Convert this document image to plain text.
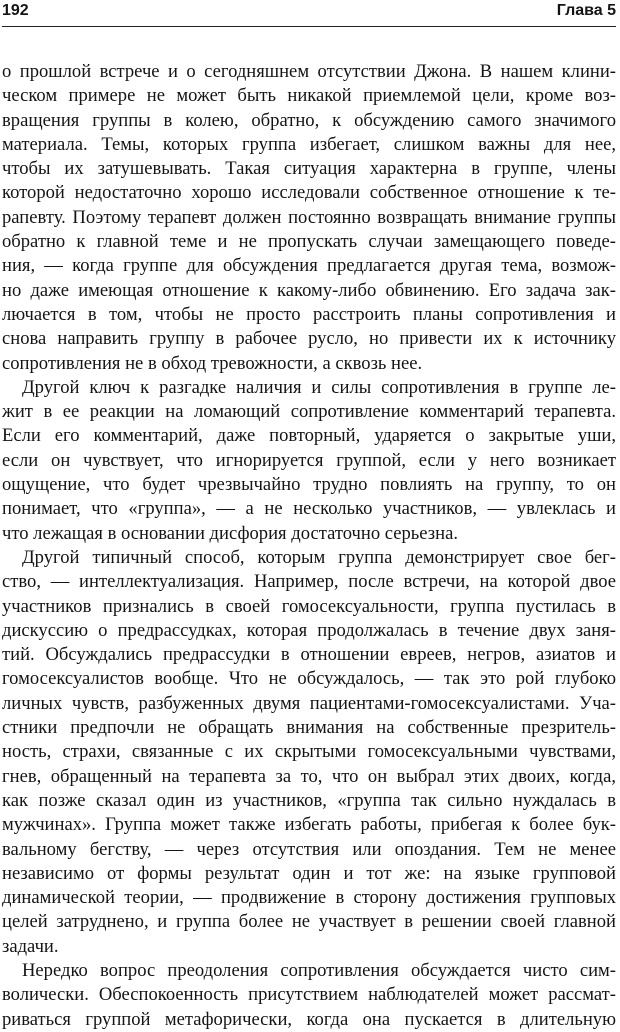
192	Глава 5
о прошлой встрече и о сегодняшнем отсутствии Джона. В нашем клини-
ческом примере не может быть никакой приемлемой цели, кроме воз-
вращения группы в колею, обратно, к обсуждению самого значимого
материала. Темы, которых группа избегает, слишком важны для нее,
чтобы их затушевывать. Такая ситуация характерна в группе, члены
которой недостаточно хорошо исследовали собственное отношение к те-
рапевту. Поэтому терапевт должен постоянно возвращать внимание группы
обратно к главной теме и не пропускать случаи замещающего поведе-
ния, — когда группе для обсуждения предлагается другая тема, возмож-
но даже имеющая отношение к какому-либо обвинению. Его задача зак-
лючается в том, чтобы не просто расстроить планы сопротивления и
снова направить группу в рабочее русло, но привести их к источнику
сопротивления не в обход тревожности, а сквозь нее.
Другой ключ к разгадке наличия и силы сопротивления в группе ле-
жит в ее реакции на ломающий сопротивление комментарий терапевта.
Если его комментарий, даже повторный, ударяется о закрытые уши,
если он чувствует, что игнорируется группой, если у него возникает
ощущение, что будет чрезвычайно трудно повлиять на группу, то он
понимает, что «группа», — а не несколько участников, — увлеклась и
что лежащая в основании дисфория достаточно серьезна.
Другой типичный способ, которым группа демонстрирует свое бег-
ство, — интеллектуализация. Например, после встречи, на которой двое
участников признались в своей гомосексуальности, группа пустилась в
дискуссию о предрассудках, которая продолжалась в течение двух заня-
тий. Обсуждались предрассудки в отношении евреев, негров, азиатов и
гомосексуалистов вообще. Что не обсуждалось, — так это рой глубоко
личных чувств, разбуженных двумя пациентами-гомосексуалистами. Уча-
стники предпочли не обращать внимания на собственные презритель-
ность, страхи, связанные с их скрытыми гомосексуальными чувствами,
гнев, обращенный на терапевта за то, что он выбрал этих двоих, когда,
как позже сказал один из участников, «группа так сильно нуждалась в
мужчинах». Группа может также избегать работы, прибегая к более бук-
вальному бегству, — через отсутствия или опоздания. Тем не менее
независимо от формы результат один и тот же: на языке групповой
динамической теории, — продвижение в сторону достижения групповых
целей затруднено, и группа более не участвует в решении своей главной
задачи.
Нередко вопрос преодоления сопротивления обсуждается чисто сим-
волически. Обеспокоенность присутствием наблюдателей может рассмат-
риваться группой метафорически, когда она пускается в длительную
